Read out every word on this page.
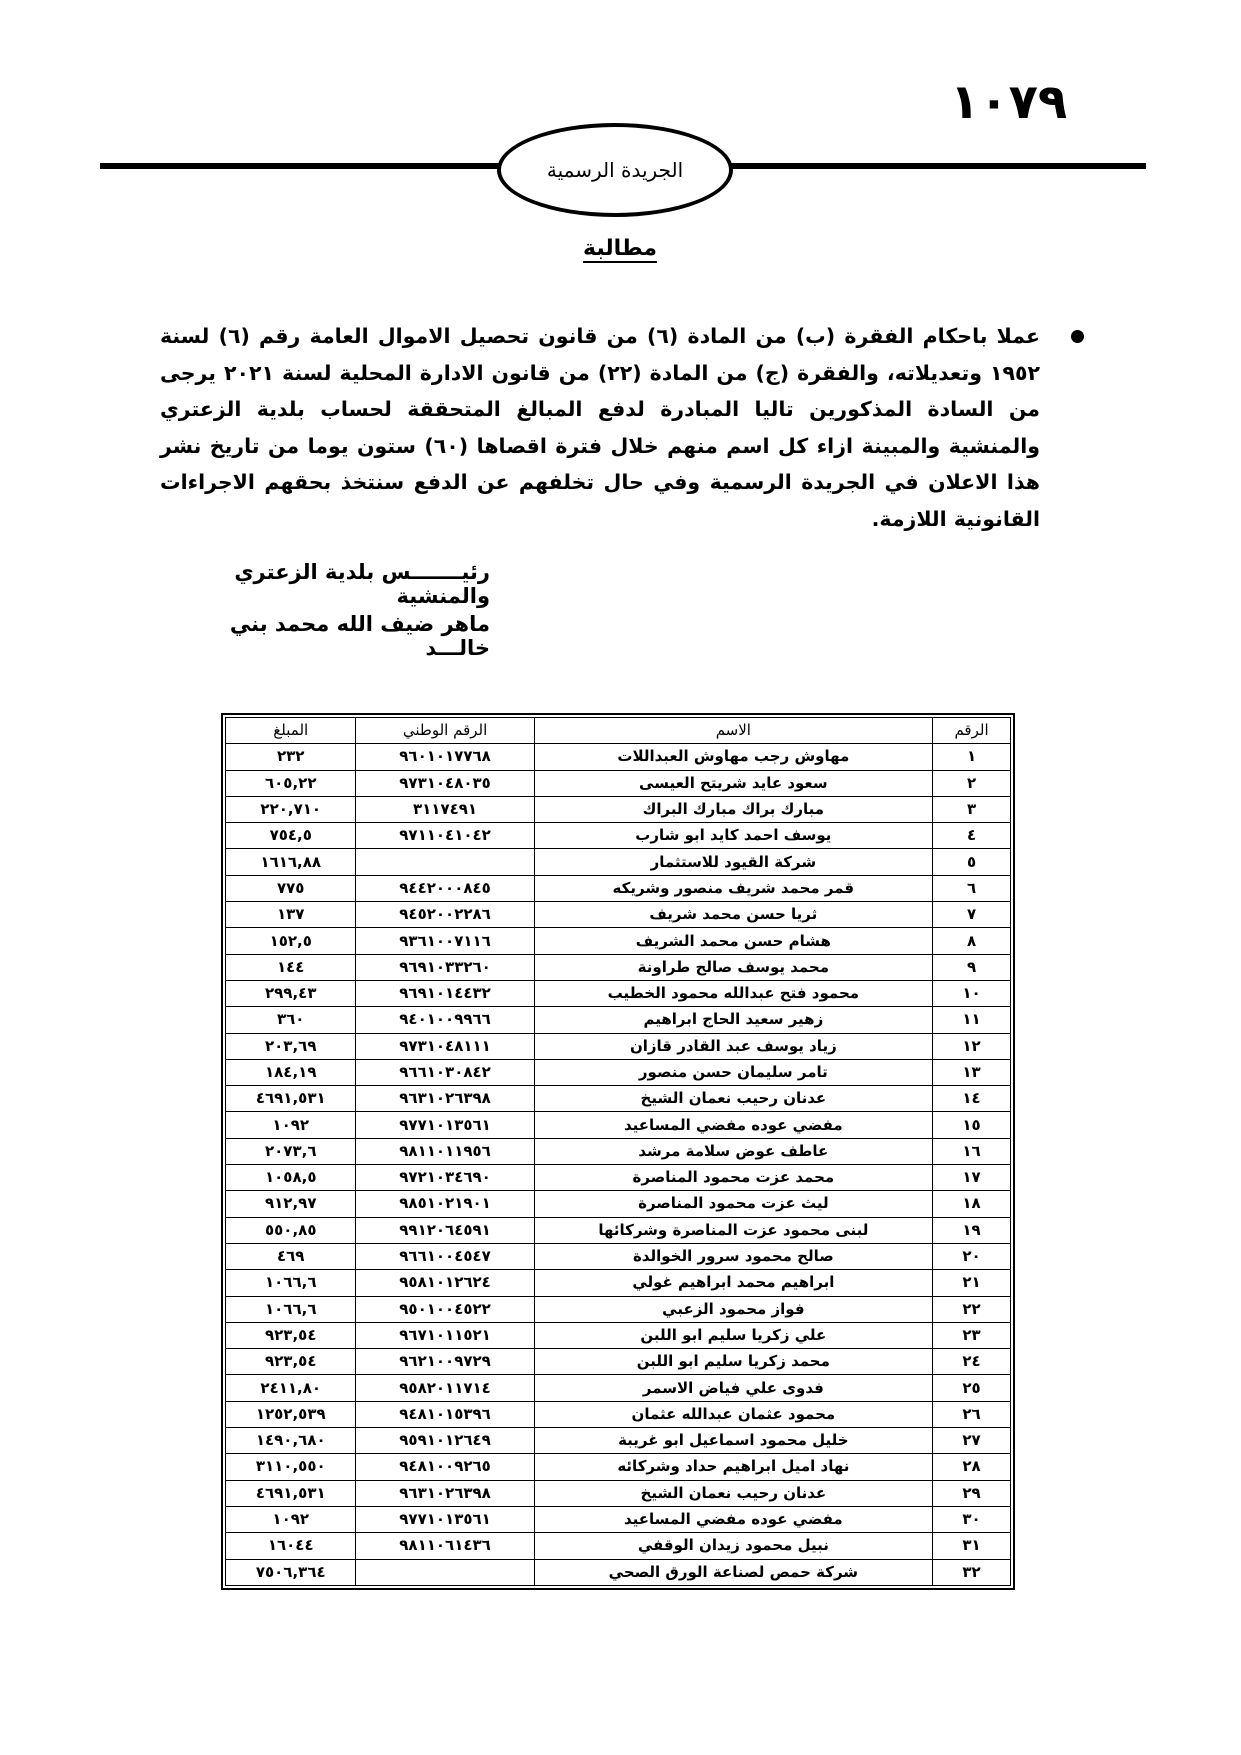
١٠٧٩
الجريدة الرسمية
مطالبة
عملا باحكام الفقرة (ب) من المادة (٦) من قانون تحصيل الاموال العامة رقم (٦) لسنة ١٩٥٢ وتعديلاته، والفقرة (ج) من المادة (٢٢) من قانون الادارة المحلية لسنة ٢٠٢١ يرجى من السادة المذكورين تاليا المبادرة لدفع المبالغ المتحققة لحساب بلدية الزعتري والمنشية والمبينة ازاء كل اسم منهم خلال فترة اقصاها (٦٠) ستون يوما من تاريخ نشر هذا الاعلان في الجريدة الرسمية وفي حال تخلفهم عن الدفع سنتخذ بحقهم الاجراءات القانونية اللازمة.
رئيـــــــس بلدية الزعتري والمنشية
ماهر ضيف الله محمد بني خالـــد
الرقم	الاسم	الرقم الوطني	المبلغ
١	مهاوش رجب مهاوش العبداللات	٩٦٠١٠١٧٧٦٨	٢٣٢
٢	سعود عايد شريتح العيسى	٩٧٣١٠٤٨٠٣٥	٦٠٥,٢٢
٣	مبارك براك مبارك البراك	٣١١٧٤٩١	٢٢٠,٧١٠
٤	يوسف احمد كايد ابو شارب	٩٧١١٠٤١٠٤٢	٧٥٤,٥
٥	شركة القيود للاستثمار		١٦١٦,٨٨
٦	قمر محمد شريف منصور وشريكه	٩٤٤٢٠٠٠٨٤٥	٧٧٥
٧	ثريا حسن محمد شريف	٩٤٥٢٠٠٢٢٨٦	١٣٧
٨	هشام حسن محمد الشريف	٩٣٦١٠٠٧١١٦	١٥٢,٥
٩	محمد يوسف صالح طراونة	٩٦٩١٠٣٣٢٦٠	١٤٤
١٠	محمود فتح عبدالله محمود الخطيب	٩٦٩١٠١٤٤٣٢	٢٩٩,٤٣
١١	زهير سعيد الحاج ابراهيم	٩٤٠١٠٠٩٩٦٦	٣٦٠
١٢	زياد يوسف عبد القادر قازان	٩٧٣١٠٤٨١١١	٢٠٣,٦٩
١٣	تامر سليمان حسن منصور	٩٦٦١٠٣٠٨٤٢	١٨٤,١٩
١٤	عدنان رحيب نعمان الشيخ	٩٦٣١٠٢٦٣٩٨	٤٦٩١,٥٣١
١٥	مفضي عوده مفضي المساعيد	٩٧٧١٠١٣٥٦١	١٠٩٢
١٦	عاطف عوض سلامة مرشد	٩٨١١٠١١٩٥٦	٢٠٧٣,٦
١٧	محمد عزت محمود المناصرة	٩٧٢١٠٣٤٦٩٠	١٠٥٨,٥
١٨	ليث عزت محمود المناصرة	٩٨٥١٠٢١٩٠١	٩١٢,٩٧
١٩	لبنى محمود عزت المناصرة وشركائها	٩٩١٢٠٦٤٥٩١	٥٥٠,٨٥
٢٠	صالح محمود سرور الخوالدة	٩٦٦١٠٠٤٥٤٧	٤٦٩
٢١	ابراهيم محمد ابراهيم غولي	٩٥٨١٠١٢٦٢٤	١٠٦٦,٦
٢٢	فواز محمود الزعبي	٩٥٠١٠٠٤٥٢٢	١٠٦٦,٦
٢٣	علي زكريا سليم ابو اللبن	٩٦٧١٠١١٥٢١	٩٢٣,٥٤
٢٤	محمد زكريا سليم ابو اللبن	٩٦٢١٠٠٩٧٢٩	٩٢٣,٥٤
٢٥	فدوى علي فياض الاسمر	٩٥٨٢٠١١٧١٤	٢٤١١,٨٠
٢٦	محمود عثمان عبدالله عثمان	٩٤٨١٠١٥٣٩٦	١٢٥٢,٥٣٩
٢٧	خليل محمود اسماعيل ابو غريبة	٩٥٩١٠١٢٦٤٩	١٤٩٠,٦٨٠
٢٨	نهاد اميل ابراهيم حداد وشركائه	٩٤٨١٠٠٩٢٦٥	٣١١٠,٥٥٠
٢٩	عدنان رحيب نعمان الشيخ	٩٦٣١٠٢٦٣٩٨	٤٦٩١,٥٣١
٣٠	مفضي عوده مفضي المساعيد	٩٧٧١٠١٣٥٦١	١٠٩٢
٣١	نبيل محمود زيدان الوقفي	٩٨١١٠٦١٤٣٦	١٦٠٤٤
٣٢	شركة حمص لصناعة الورق الصحي		٧٥٠٦,٣٦٤
